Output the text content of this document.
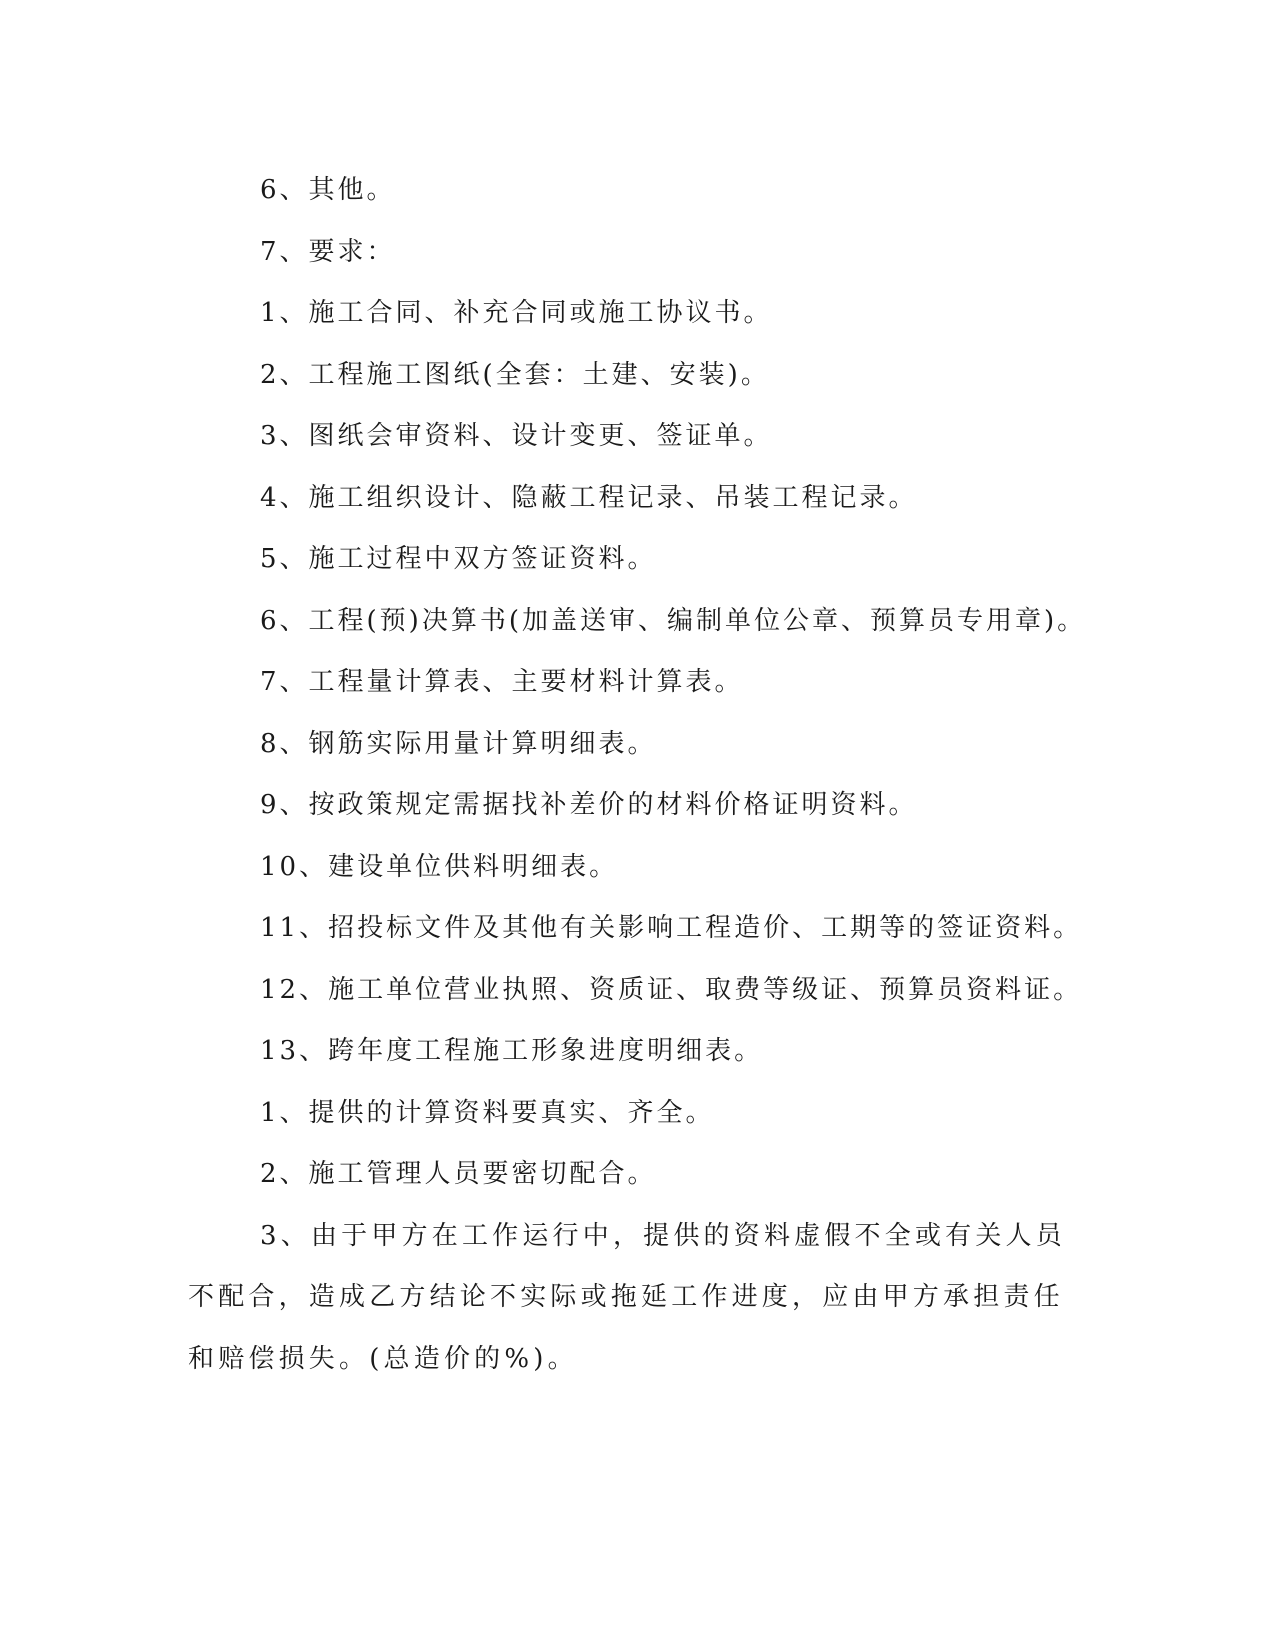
6、其他。
7、要求：
1、施工合同、补充合同或施工协议书。
2、工程施工图纸(全套：土建、安装)。
3、图纸会审资料、设计变更、签证单。
4、施工组织设计、隐蔽工程记录、吊装工程记录。
5、施工过程中双方签证资料。
6、工程(预)决算书(加盖送审、编制单位公章、预算员专用章)。
7、工程量计算表、主要材料计算表。
8、钢筋实际用量计算明细表。
9、按政策规定需据找补差价的材料价格证明资料。
10、建设单位供料明细表。
11、招投标文件及其他有关影响工程造价、工期等的签证资料。
12、施工单位营业执照、资质证、取费等级证、预算员资料证。
13、跨年度工程施工形象进度明细表。
1、提供的计算资料要真实、齐全。
2、施工管理人员要密切配合。

3、由于甲方在工作运行中，提供的资料虚假不全或有关人员不配合，造成乙方结论不实际或拖延工作进度，应由甲方承担责任和赔偿损失。(总造价的%)。
